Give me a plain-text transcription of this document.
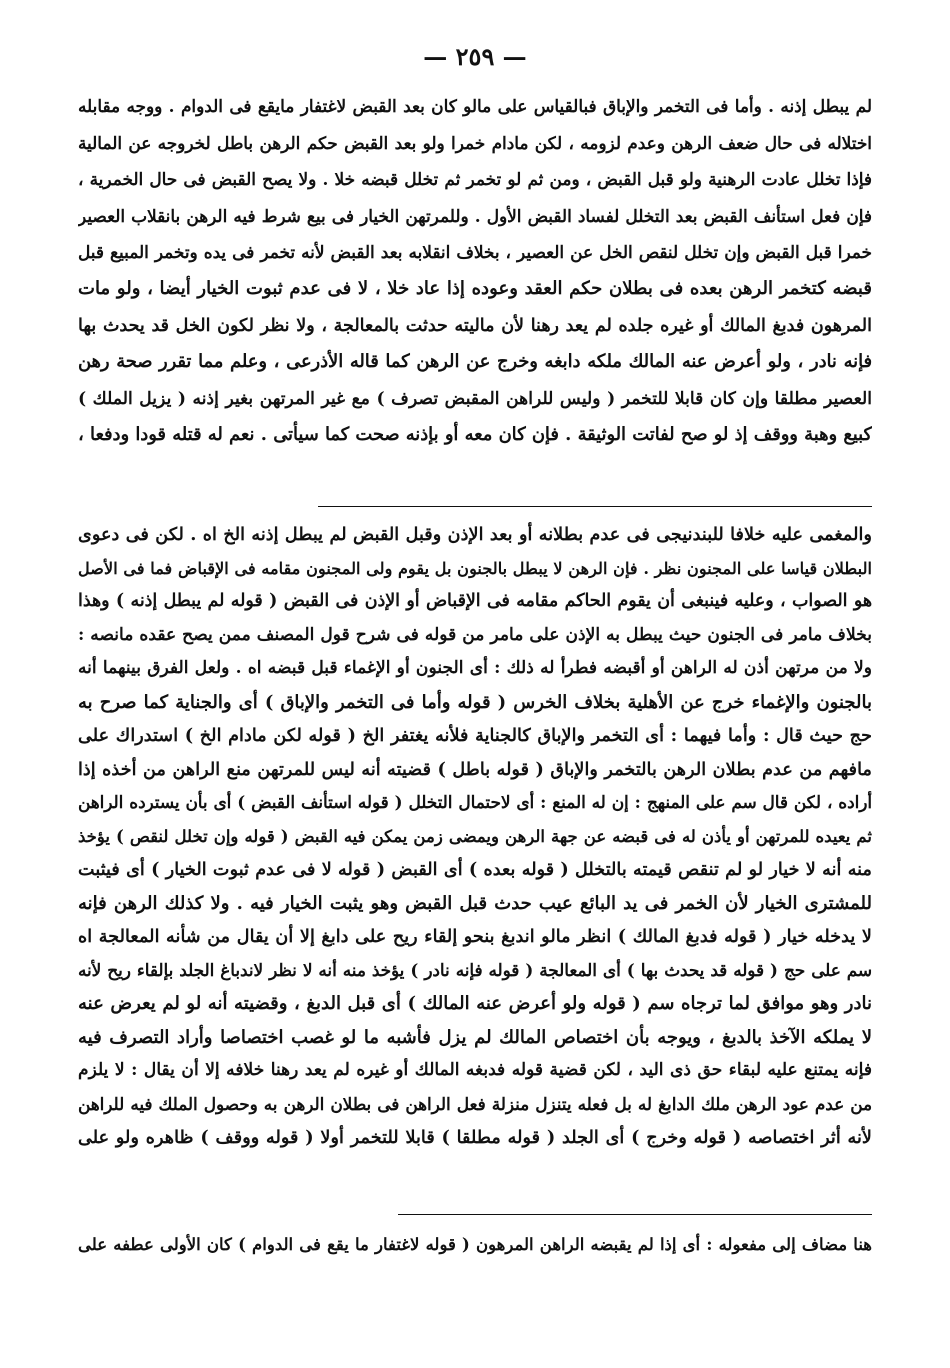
— ٢٥٩ —
لم يبطل إذنه . وأما فى التخمر والإباق فبالقياس على مالو كان بعد القبض لاغتفار مايقع فى الدوام . ووجه مقابله
اختلاله فى حال ضعف الرهن وعدم لزومه ، لكن مادام خمرا ولو بعد القبض حكم الرهن باطل لخروجه عن المالية
فإذا تخلل عادت الرهنية ولو قبل القبض ، ومن ثم لو تخمر ثم تخلل قبضه خلا . ولا يصح القبض فى حال الخمرية ،
فإن فعل استأنف القبض بعد التخلل لفساد القبض الأول . وللمرتهن الخيار فى بيع شرط فيه الرهن بانقلاب العصير
خمرا قبل القبض وإن تخلل لنقص الخل عن العصير ، بخلاف انقلابه بعد القبض لأنه تخمر فى يده وتخمر المبيع قبل
قبضه كتخمر الرهن بعده فى بطلان حكم العقد وعوده إذا عاد خلا ، لا فى عدم ثبوت الخيار أيضا ، ولو مات
المرهون فدبغ المالك أو غيره جلده لم يعد رهنا لأن ماليته حدثت بالمعالجة ، ولا نظر لكون الخل قد يحدث بها
فإنه نادر ، ولو أعرض عنه المالك ملكه دابغه وخرج عن الرهن كما قاله الأذرعى ، وعلم مما تقرر صحة رهن
العصير مطلقا وإن كان قابلا للتخمر ( وليس للراهن المقبض تصرف ) مع غير المرتهن بغير إذنه ( يزيل الملك )
كبيع وهبة ووقف إذ لو صح لفاتت الوثيقة . فإن كان معه أو بإذنه صحت كما سيأتى . نعم له قتله قودا ودفعا ،
والمغمى عليه خلافا للبندنيجى فى عدم بطلانه أو بعد الإذن وقبل القبض لم يبطل إذنه الخ اه . لكن فى دعوى
البطلان قياسا على المجنون نظر . فإن الرهن لا يبطل بالجنون بل يقوم ولى المجنون مقامه فى الإقباض فما فى الأصل
هو الصواب ، وعليه فينبغى أن يقوم الحاكم مقامه فى الإقباض أو الإذن فى القبض ( قوله لم يبطل إذنه ) وهذا
بخلاف مامر فى الجنون حيث يبطل به الإذن على مامر من قوله فى شرح قول المصنف ممن يصح عقده مانصه :
ولا من مرتهن أذن له الراهن أو أقبضه فطرأ له ذلك : أى الجنون أو الإغماء قبل قبضه اه . ولعل الفرق بينهما أنه
بالجنون والإغماء خرج عن الأهلية بخلاف الخرس ( قوله وأما فى التخمر والإباق ) أى والجناية كما صرح به
حج حيث قال : وأما فيهما : أى التخمر والإباق كالجناية فلأنه يغتفر الخ ( قوله لكن مادام الخ ) استدراك على
مافهم من عدم بطلان الرهن بالتخمر والإباق ( قوله باطل ) قضيته أنه ليس للمرتهن منع الراهن من أخذه إذا
أراده ، لكن قال سم على المنهج : إن له المنع : أى لاحتمال التخلل ( قوله استأنف القبض ) أى بأن يسترده الراهن
ثم يعيده للمرتهن أو يأذن له فى قبضه عن جهة الرهن ويمضى زمن يمكن فيه القبض ( قوله وإن تخلل لنقص ) يؤخذ
منه أنه لا خيار لو لم تنقص قيمته بالتخلل ( قوله بعده ) أى القبض ( قوله لا فى عدم ثبوت الخيار ) أى فيثبت
للمشترى الخيار لأن الخمر فى يد البائع عيب حدث قبل القبض وهو يثبت الخيار فيه . ولا كذلك الرهن فإنه
لا يدخله خيار ( قوله فدبغ المالك ) انظر مالو اندبغ بنحو إلقاء ريح على دابغ إلا أن يقال من شأنه المعالجة اه
سم على حج ( قوله قد يحدث بها ) أى المعالجة ( قوله فإنه نادر ) يؤخذ منه أنه لا نظر لاندباغ الجلد بإلقاء ريح لأنه
نادر وهو موافق لما ترجاه سم ( قوله ولو أعرض عنه المالك ) أى قبل الدبغ ، وقضيته أنه لو لم يعرض عنه
لا يملكه الآخذ بالدبغ ، ويوجه بأن اختصاص المالك لم يزل فأشبه ما لو غصب اختصاصا وأراد التصرف فيه
فإنه يمتنع عليه لبقاء حق ذى اليد ، لكن قضية قوله فدبغه المالك أو غيره لم يعد رهنا خلافه إلا أن يقال : لا يلزم
من عدم عود الرهن ملك الدابغ له بل فعله يتنزل منزلة فعل الراهن فى بطلان الرهن به وحصول الملك فيه للراهن
لأنه أثر اختصاصه ( قوله وخرج ) أى الجلد ( قوله مطلقا ) قابلا للتخمر أولا ( قوله ووقف ) ظاهره ولو على
هنا مضاف إلى مفعوله : أى إذا لم يقبضه الراهن المرهون ( قوله لاغتفار ما يقع فى الدوام ) كان الأولى عطفه على
